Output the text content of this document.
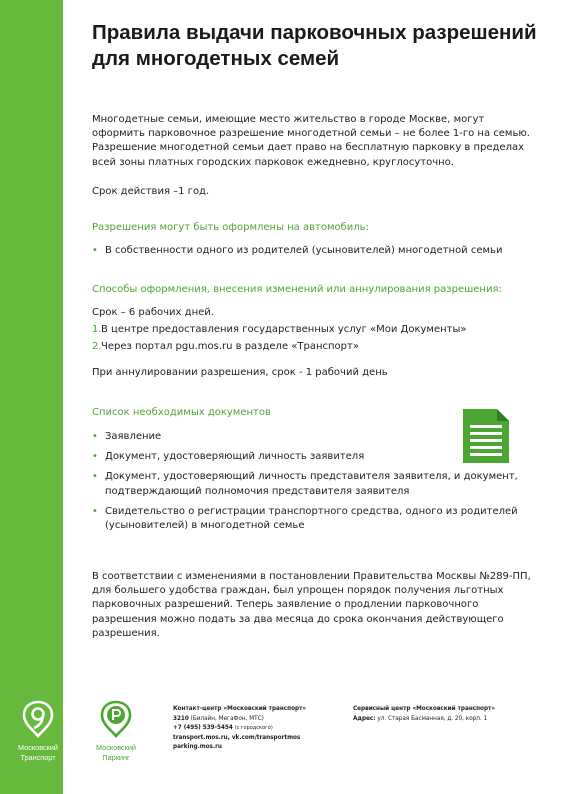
Правила выдачи парковочных разрешений для многодетных семей

Многодетные семьи, имеющие место жительство в городе Москве, могут оформить парковочное разрешение многодетной семьи – не более 1-го на семью. Разрешение многодетной семьи дает право на бесплатную парковку в пределах всей зоны платных городских парковок ежедневно, круглосуточно.

Срок действия –1 год.

Разрешения могут быть оформлены на автомобиль:

• В собственности одного из родителей (усыновителей) многодетной семьи

Способы оформления, внесения изменений или аннулирования разрешения:

Срок – 6 рабочих дней.

1. В центре предоставления государственных услуг «Мои Документы»
2. Через портал pgu.mos.ru в разделе «Транспорт»

При аннулировании разрешения, срок - 1 рабочий день

Список необходимых документов

• Заявление
• Документ, удостоверяющий личность заявителя
• Документ, удостоверяющий личность представителя заявителя, и документ, подтверждающий полномочия представителя заявителя
• Свидетельство о регистрации транспортного средства, одного из родителей (усыновителей) в многодетной семье

В соответствии с изменениями в постановлении Правительства Москвы №289-ПП, для большего удобства граждан, был упрощен порядок получения льготных парковочных разрешений. Теперь заявление о продлении парковочного разрешения можно подать за два месяца до срока окончания действующего разрешения.

Московский
Транспорт
Московский
Паркинг
Контакт-центр «Московский транспорт»
3210 (Билайн, МегаФон, МТС)
+7 (495) 539-5454 (с городского)
transport.mos.ru, vk.com/transportmos
parking.mos.ru
Сервисный центр «Московский транспорт»
Адрес: ул. Старая Басманная, д. 20, корп. 1
